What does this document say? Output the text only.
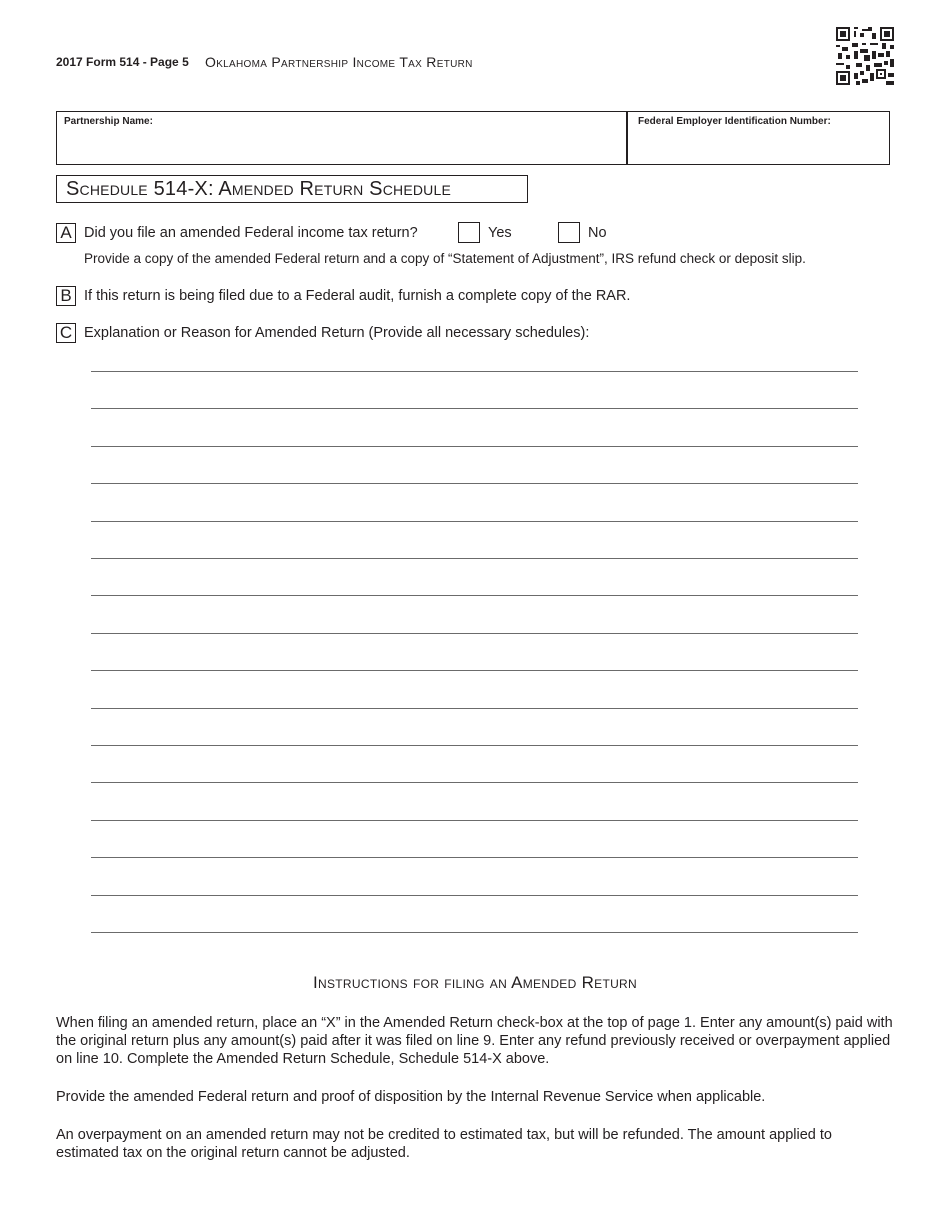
2017 Form 514 - Page 5 Oklahoma Partnership Income Tax Return
Partnership Name:	Federal Employer Identification Number:
Schedule 514-X: Amended Return Schedule
A Did you file an amended Federal income tax return?	Yes	No
Provide a copy of the amended Federal return and a copy of “Statement of Adjustment”, IRS refund check or deposit slip.
B If this return is being filed due to a Federal audit, furnish a complete copy of the RAR.
C Explanation or Reason for Amended Return (Provide all necessary schedules):
Instructions for filing an Amended Return
When filing an amended return, place an “X” in the Amended Return check-box at the top of page 1. Enter any amount(s) paid with the original return plus any amount(s) paid after it was filed on line 9. Enter any refund previously received or overpayment applied on line 10. Complete the Amended Return Schedule, Schedule 514-X above.
Provide the amended Federal return and proof of disposition by the Internal Revenue Service when applicable.
An overpayment on an amended return may not be credited to estimated tax, but will be refunded. The amount applied to estimated tax on the original return cannot be adjusted.
